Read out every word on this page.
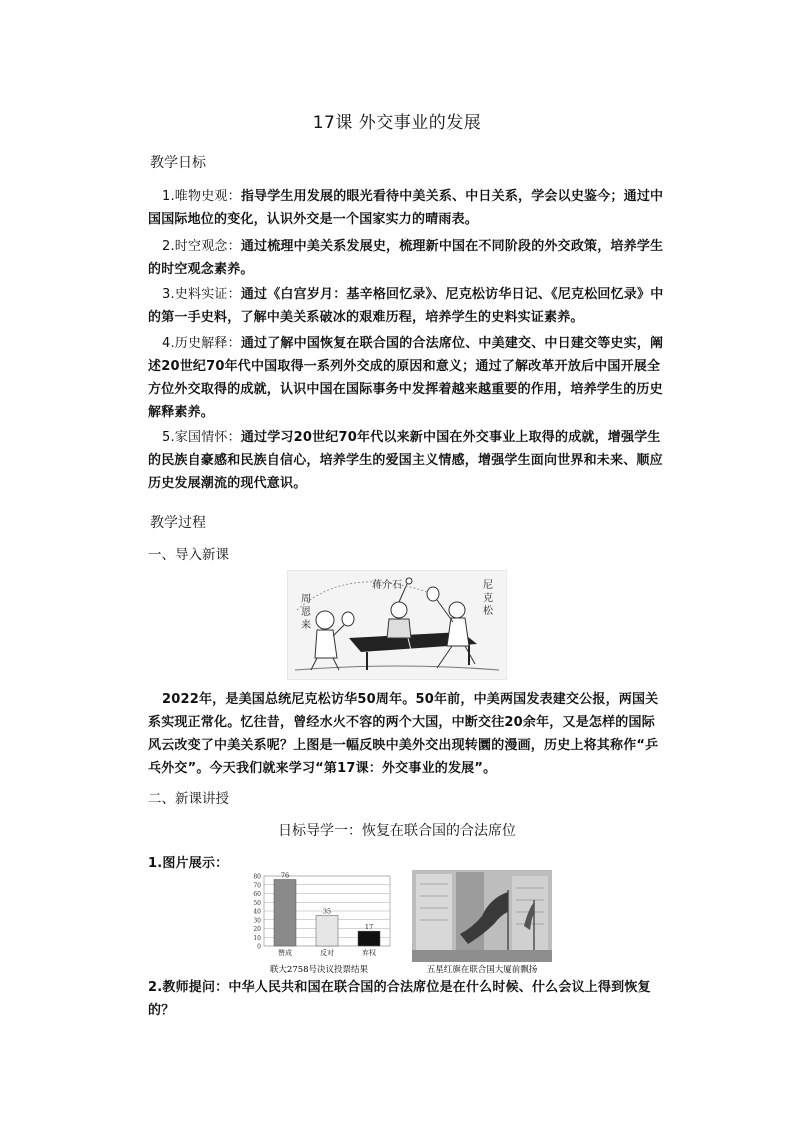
17课 外交事业的发展
教学日标
1.唯物史观：指导学生用发展的眼光看待中美关系、中日关系，学会以史鉴今；通过中国国际地位的变化，认识外交是一个国家实力的晴雨表。
2.时空观念：通过梳理中美关系发展史，梳理新中国在不同阶段的外交政策，培养学生的时空观念素养。
3.史料实证：通过《白宫岁月：基辛格回忆录》、尼克松访华日记、《尼克松回忆录》中的第一手史料，了解中美关系破冰的艰难历程，培养学生的史料实证素养。
4.历史解释：通过了解中国恢复在联合国的合法席位、中美建交、中日建交等史实，阐述20世纪70年代中国取得一系列外交成的原因和意义；通过了解改革开放后中国开展全方位外交取得的成就，认识中国在国际事务中发挥着越来越重要的作用，培养学生的历史解释素养。
5.家国情怀：通过学习20世纪70年代以来新中国在外交事业上取得的成就，增强学生的民族自豪感和民族自信心，培养学生的爱国主义情感，增强学生面向世界和未来、顺应历史发展潮流的现代意识。
教学过程
一、导入新课
周 恩 来
蒋介石	尼 克 松
2022年，是美国总统尼克松访华50周年。50年前，中美两国发表建交公报，两国关系实现正常化。忆往昔，曾经水火不容的两个大国，中断交往20余年，又是怎样的国际风云改变了中美关系呢？上图是一幅反映中美外交出现转圜的漫画，历史上将其称作“乒乓外交”。今天我们就来学习“第17课：外交事业的发展”。
二、新课讲授
日标导学一：恢复在联合国的合法席位
1.图片展示：
0
10
20
30
40
50
60
70
80	76
赞成
35
反对
17
弃权
联大2758号决议投票结果	五星红旗在联合国大厦前飘扬
2.教师提问：中华人民共和国在联合国的合法席位是在什么时候、什么会议上得到恢复的？
